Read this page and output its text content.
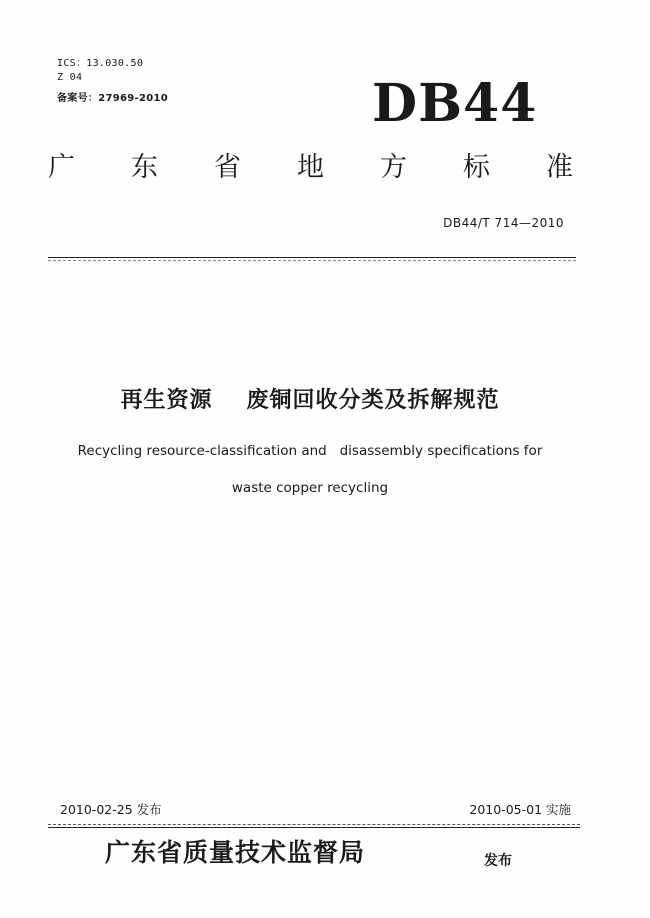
ICS：13.030.50
Z 04
备案号：27969-2010	DB44
广 东 省 地 方 标 准
DB44/T 714—2010
再生资源 废铜回收分类及拆解规范
Recycling resource-classification and   disassembly specifications for
waste copper recycling
2010-02-25 发布	2010-05-01 实施
广东省质量技术监督局	发布
